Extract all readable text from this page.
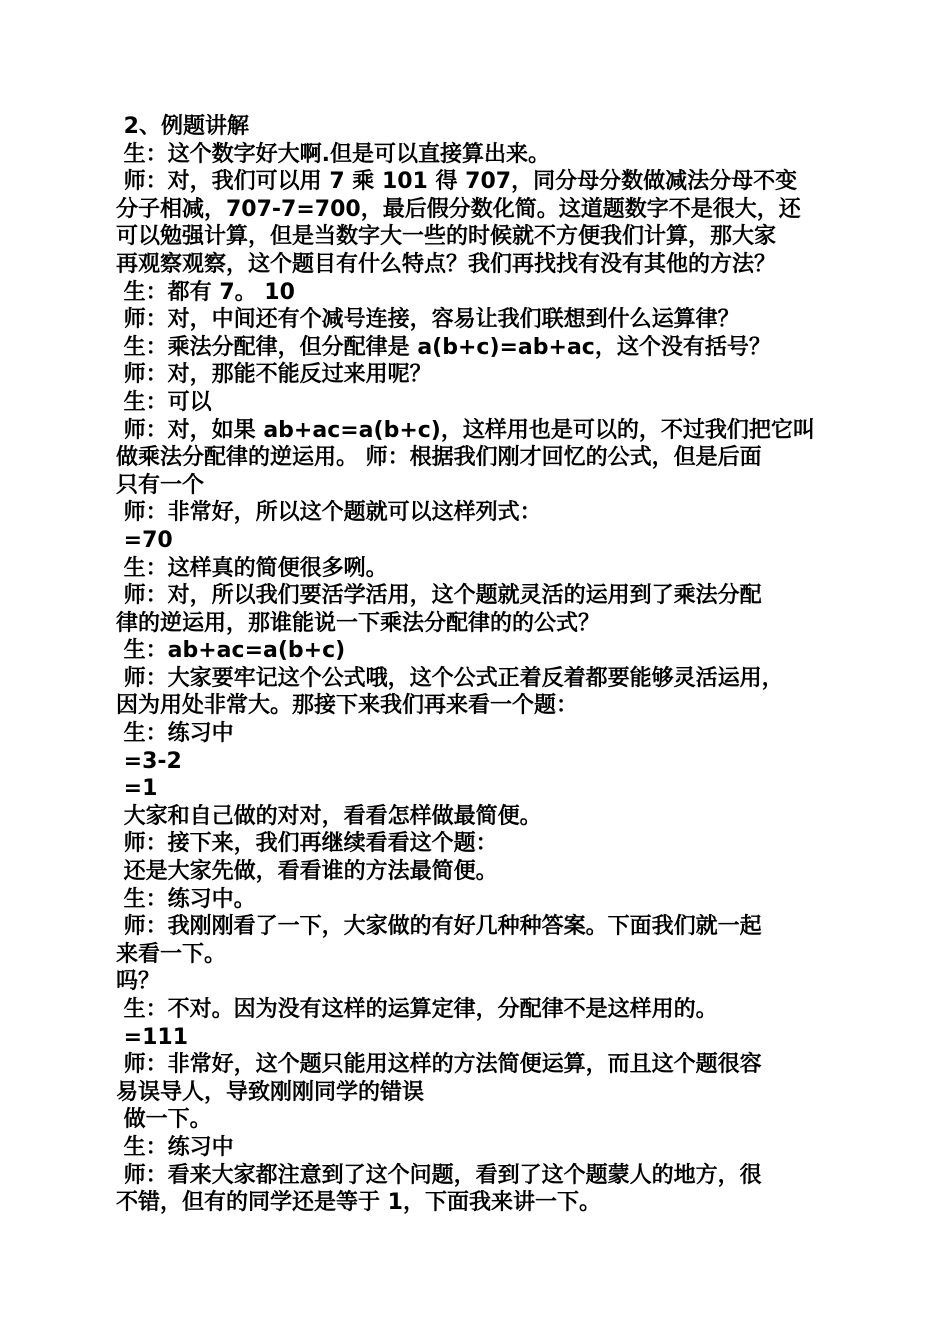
2、例题讲解
生：这个数字好大啊.但是可以直接算出来。
师：对，我们可以用 7 乘 101 得 707，同分母分数做减法分母不变
分子相减，707-7=700，最后假分数化简。这道题数字不是很大，还
可以勉强计算，但是当数字大一些的时候就不方便我们计算，那大家
再观察观察，这个题目有什么特点？我们再找找有没有其他的方法？
生：都有 7。 10
师：对，中间还有个减号连接，容易让我们联想到什么运算律？
生：乘法分配律，但分配律是 a(b+c)=ab+ac，这个没有括号？
师：对，那能不能反过来用呢？
生：可以
师：对，如果 ab+ac=a(b+c)，这样用也是可以的，不过我们把它叫
做乘法分配律的逆运用。 师：根据我们刚才回忆的公式，但是后面
只有一个
师：非常好，所以这个题就可以这样列式：
=70
生：这样真的简便很多咧。
师：对，所以我们要活学活用，这个题就灵活的运用到了乘法分配
律的逆运用，那谁能说一下乘法分配律的的公式？
生：ab+ac=a(b+c)
师：大家要牢记这个公式哦，这个公式正着反着都要能够灵活运用，
因为用处非常大。那接下来我们再来看一个题：
生：练习中
=3-2
=1
大家和自己做的对对，看看怎样做最简便。
师：接下来，我们再继续看看这个题：
还是大家先做，看看谁的方法最简便。
生：练习中。
师：我刚刚看了一下，大家做的有好几种种答案。下面我们就一起
来看一下。
吗？
生：不对。因为没有这样的运算定律，分配律不是这样用的。
=111
师：非常好，这个题只能用这样的方法简便运算，而且这个题很容
易误导人，导致刚刚同学的错误
做一下。
生：练习中
师：看来大家都注意到了这个问题，看到了这个题蒙人的地方，很
不错，但有的同学还是等于 1，下面我来讲一下。
